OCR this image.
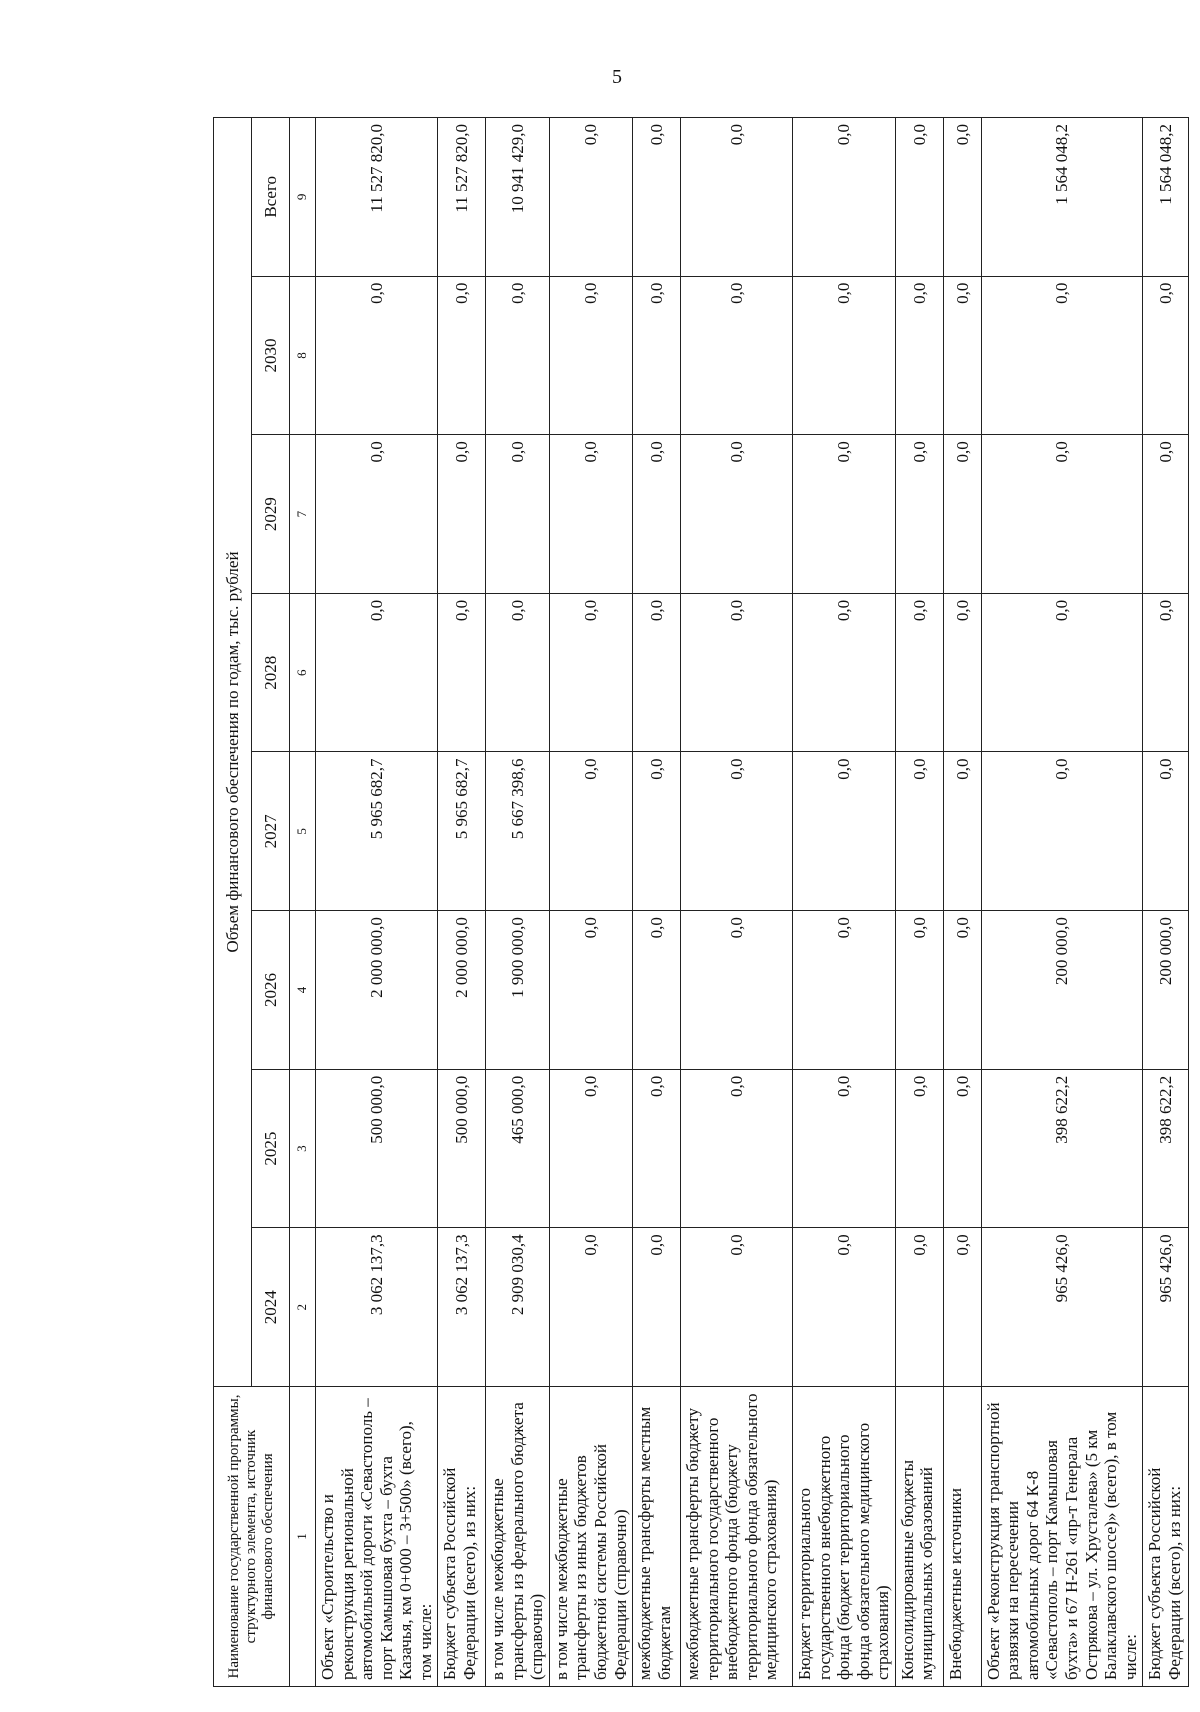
5
Наименование государственной программы, структурного элемента, источник финансового обеспечения	Объем финансового обеспечения по годам, тыс. рублей							
	2024	2025	2026	2027	2028	2029	2030	Всего
1	2	3	4	5	6	7	8	9
Объект «Строительство и реконструкция региональной автомобильной дороги «Севастополь – порт Камышовая бухта – бухта Казачья, км 0+000 – 3+500» (всего), том числе:	3 062 137,3	500 000,0	2 000 000,0	5 965 682,7	0,0	0,0	0,0	11 527 820,0
Бюджет субъекта Российской Федерации (всего), из них:	3 062 137,3	500 000,0	2 000 000,0	5 965 682,7	0,0	0,0	0,0	11 527 820,0
в том числе межбюджетные трансферты из федерального бюджета (справочно)	2 909 030,4	465 000,0	1 900 000,0	5 667 398,6	0,0	0,0	0,0	10 941 429,0
в том числе межбюджетные трансферты из иных бюджетов бюджетной системы Российской Федерации (справочно)	0,0	0,0	0,0	0,0	0,0	0,0	0,0	0,0
межбюджетные трансферты местным бюджетам	0,0	0,0	0,0	0,0	0,0	0,0	0,0	0,0
межбюджетные трансферты бюджету территориального государственного внебюджетного фонда (бюджету территориального фонда обязательного медицинского страхования)	0,0	0,0	0,0	0,0	0,0	0,0	0,0	0,0
Бюджет территориального государственного внебюджетного фонда (бюджет территориального фонда обязательного медицинского страхования)	0,0	0,0	0,0	0,0	0,0	0,0	0,0	0,0
Консолидированные бюджеты муниципальных образований	0,0	0,0	0,0	0,0	0,0	0,0	0,0	0,0
Внебюджетные источники	0,0	0,0	0,0	0,0	0,0	0,0	0,0	0,0
Объект «Реконструкция транспортной развязки на пересечении автомобильных дорог 64 К-8 «Севастополь – порт Камышовая бухта» и 67 Н-261 «пр-т Генерала Острякова – ул. Хрусталева» (5 км Балаклавского шоссе)» (всего), в том числе:	965 426,0	398 622,2	200 000,0	0,0	0,0	0,0	0,0	1 564 048,2
Бюджет субъекта Российской Федерации (всего), из них:	965 426,0	398 622,2	200 000,0	0,0	0,0	0,0	0,0	1 564 048,2
